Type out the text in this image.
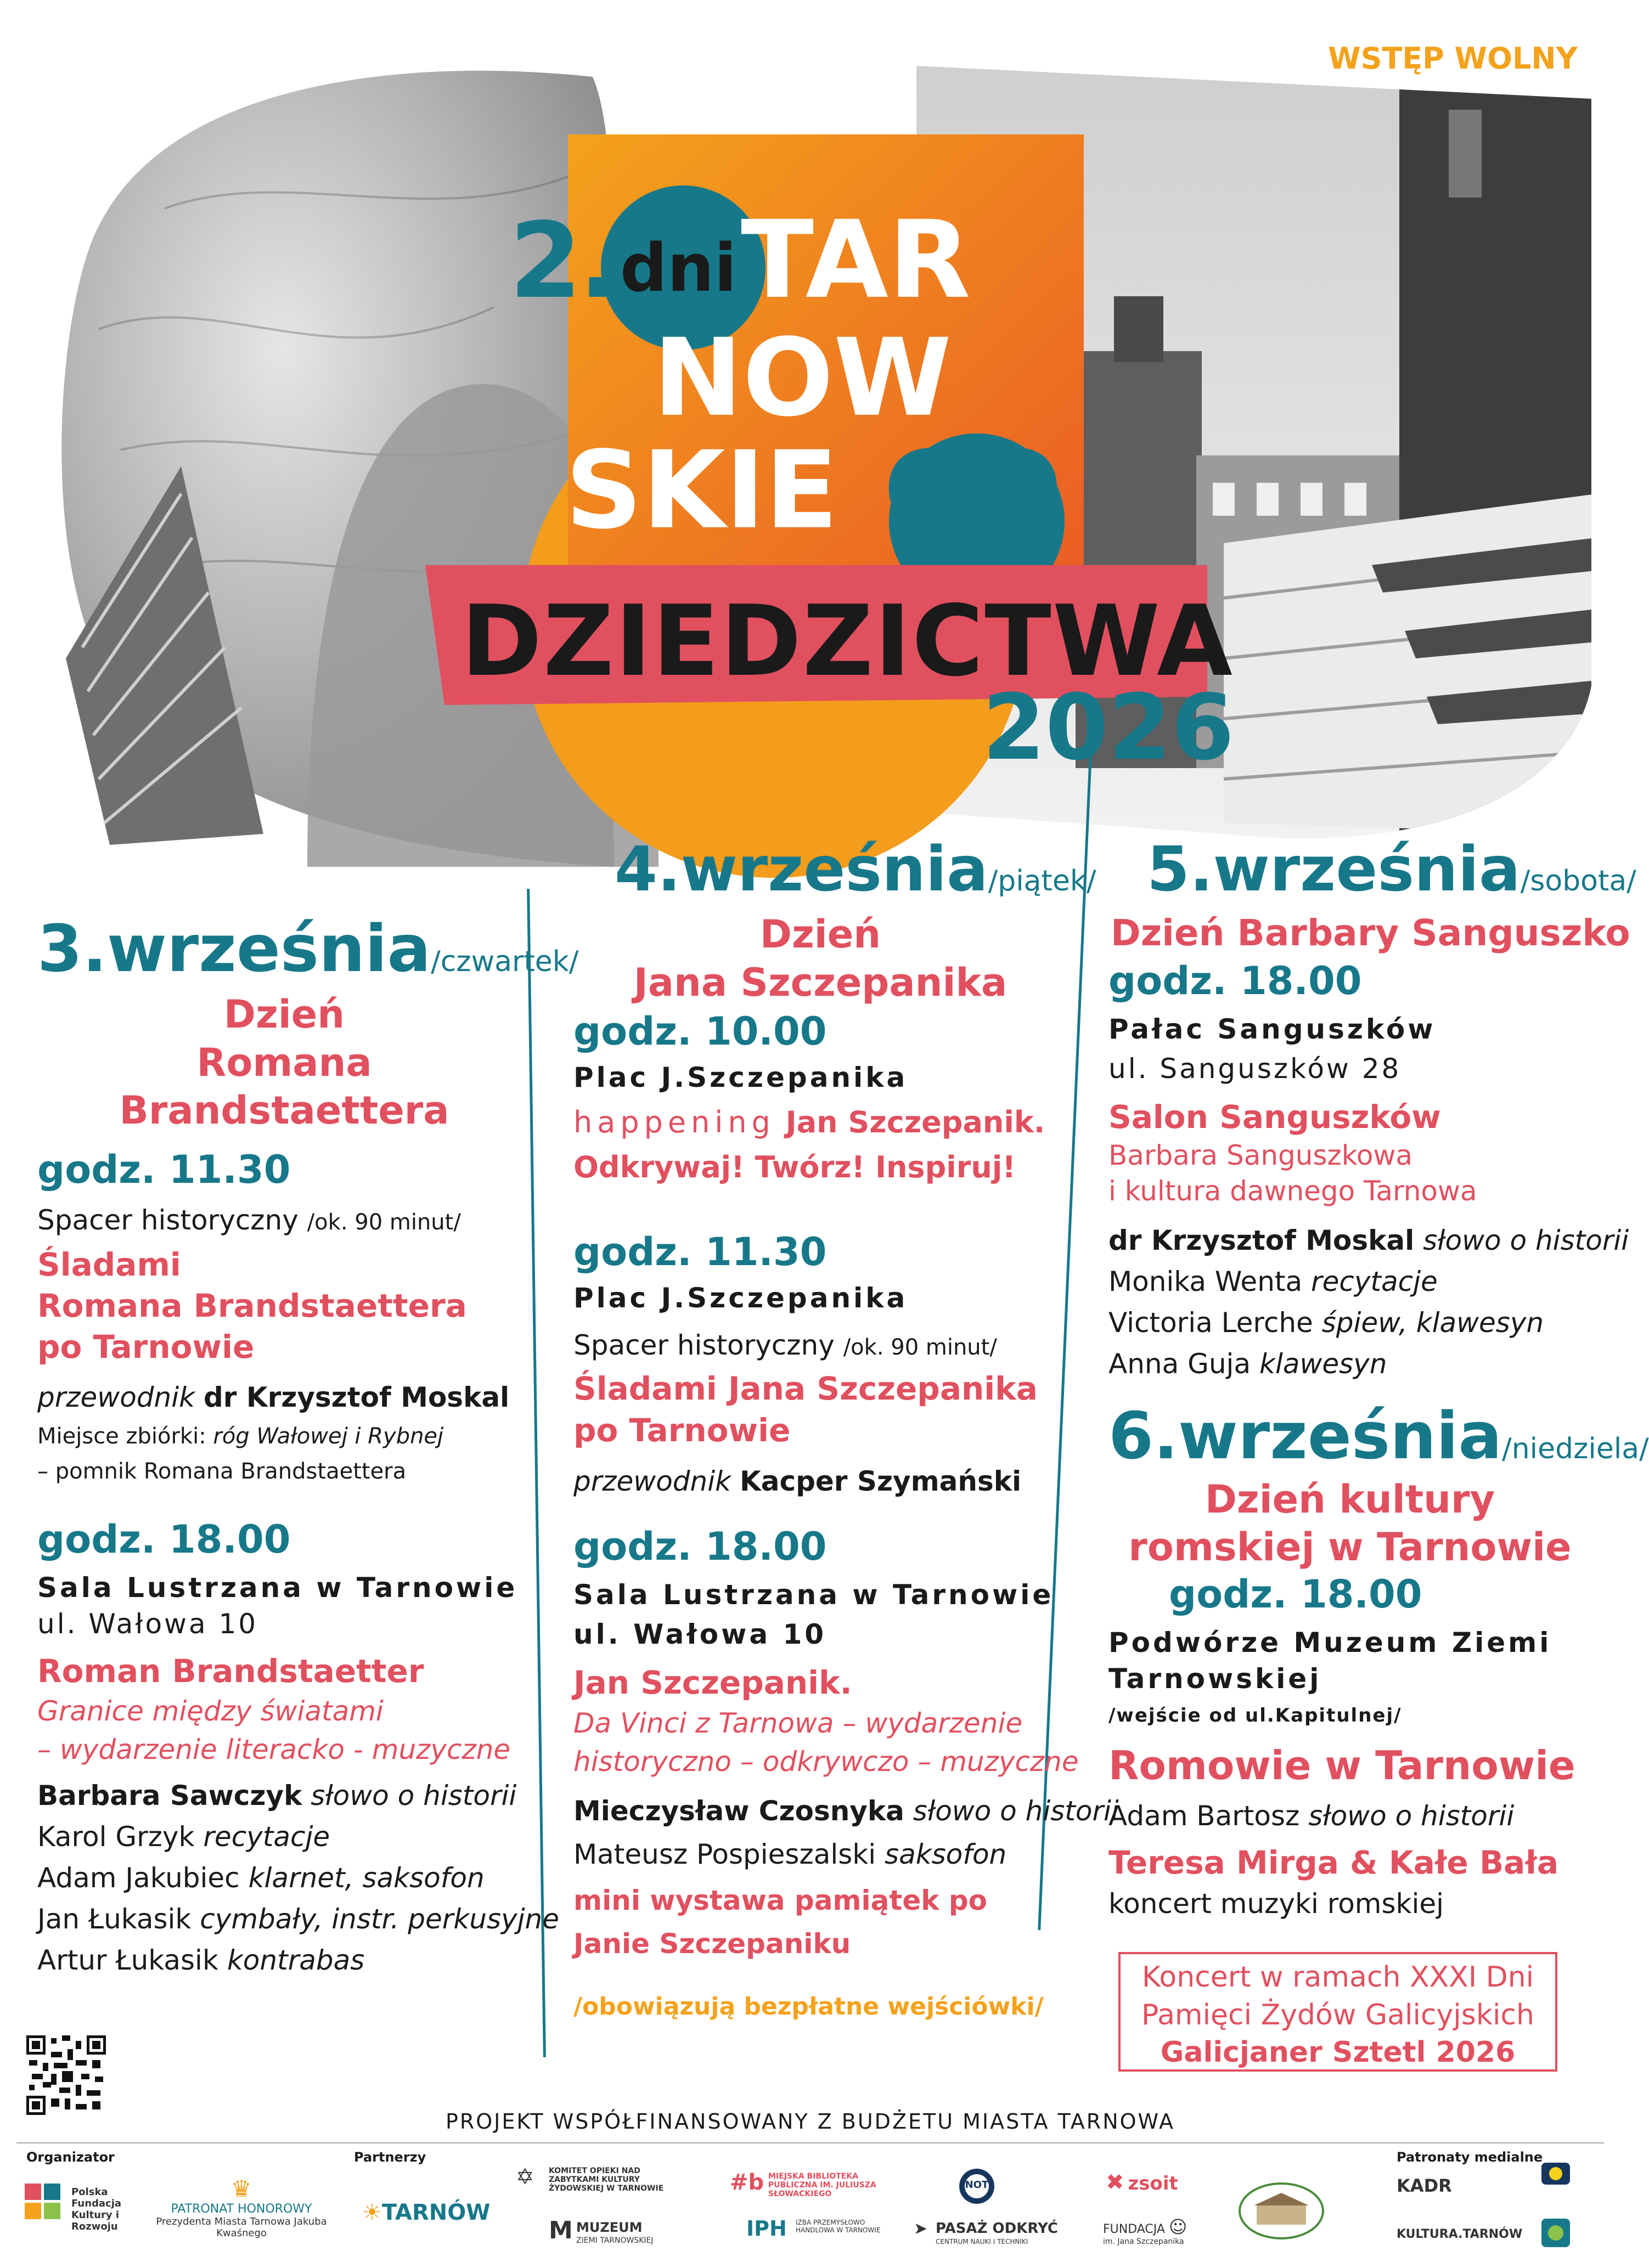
WSTĘP WOLNY
2. dni TAR
NOW
SKIE GO
DZIEDZICTWA
2026
3.września/czwartek/
Dzień
Romana
Brandstaettera
godz. 11.30
Spacer historyczny /ok. 90 minut/
Śladami
Romana Brandstaettera
po Tarnowie
przewodnik dr Krzysztof Moskal
Miejsce zbiórki: róg Wałowej i Rybnej
– pomnik Romana Brandstaettera
godz. 18.00
Sala Lustrzana w Tarnowie
ul. Wałowa 10
Roman Brandstaetter
Granice między światami
– wydarzenie literacko - muzyczne
Barbara Sawczyk słowo o historii
Karol Grzyk recytacje
Adam Jakubiec klarnet, saksofon
Jan Łukasik cymbały, instr. perkusyjne
Artur Łukasik kontrabas
4.września/piątek/
Dzień
Jana Szczepanika
godz. 10.00
Plac J.Szczepanika
happening Jan Szczepanik.
Odkrywaj! Twórz! Inspiruj!
godz. 11.30
Plac J.Szczepanika
Spacer historyczny /ok. 90 minut/
Śladami Jana Szczepanika
po Tarnowie
przewodnik Kacper Szymański
godz. 18.00
Sala Lustrzana w Tarnowie
ul. Wałowa 10
Jan Szczepanik.
Da Vinci z Tarnowa – wydarzenie
historyczno – odkrywczo – muzyczne
Mieczysław Czosnyka słowo o historii
Mateusz Pospieszalski saksofon
mini wystawa pamiątek po
Janie Szczepaniku
/obowiązują bezpłatne wejściówki/
5.września/sobota/
Dzień Barbary Sanguszko
godz. 18.00
Pałac Sanguszków
ul. Sanguszków 28
Salon Sanguszków
Barbara Sanguszkowa
i kultura dawnego Tarnowa
dr Krzysztof Moskal słowo o historii
Monika Wenta recytacje
Victoria Lerche śpiew, klawesyn
Anna Guja klawesyn
6.września/niedziela/
Dzień kultury
romskiej w Tarnowie
godz. 18.00
Podwórze Muzeum Ziemi
Tarnowskiej
/wejście od ul.Kapitulnej/
Romowie w Tarnowie
Adam Bartosz słowo o historii
Teresa Mirga & Kałe Bała
koncert muzyki romskiej
Koncert w ramach XXXI Dni
Pamięci Żydów Galicyjskich
Galicjaner Sztetl 2026
PROJEKT WSPÓŁFINANSOWANY Z BUDŻETU MIASTA TARNOWA
Organizator	Partnerzy	Patronaty medialne
Polska Fundacja Kultury i Rozwoju
♛
PATRONAT HONOROWY
Prezydenta Miasta Tarnowa Jakuba Kwaśnego
☀TARNÓW
✡ KOMITET OPIEKI NAD ZABYTKAMI KULTURY ŻYDOWSKIEJ W TARNOWIE
M MUZEUM
ZIEMI TARNOWSKIEJ
#b MIEJSKA BIBLIOTEKA PUBLICZNA IM. JULIUSZA SŁOWACKIEGO
IPH IZBA PRZEMYSŁOWO HANDLOWA W TARNOWIE
NOT
➤ PASAŻ ODKRYĆ
CENTRUM NAUKI I TECHNIKI
✖ zsoit
FUNDACJA ☺
im. Jana Szczepanika
KADR
KULTURA.TARNÓW
